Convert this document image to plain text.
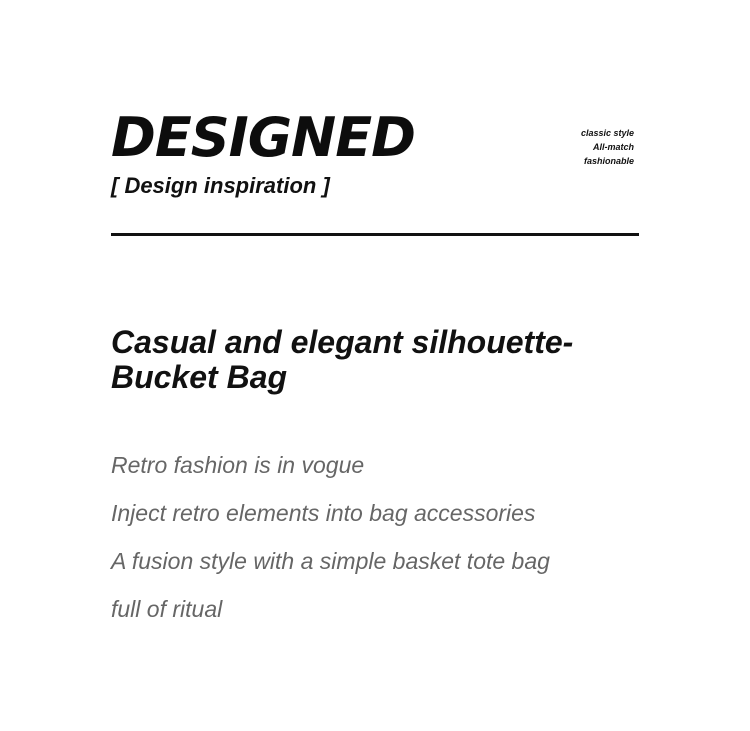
DESIGNED
[ Design inspiration ]
classic style
All-match
fashionable
Casual and elegant silhouette-
Bucket Bag
Retro fashion is in vogue
Inject retro elements into bag accessories
A fusion style with a simple basket tote bag
full of ritual
